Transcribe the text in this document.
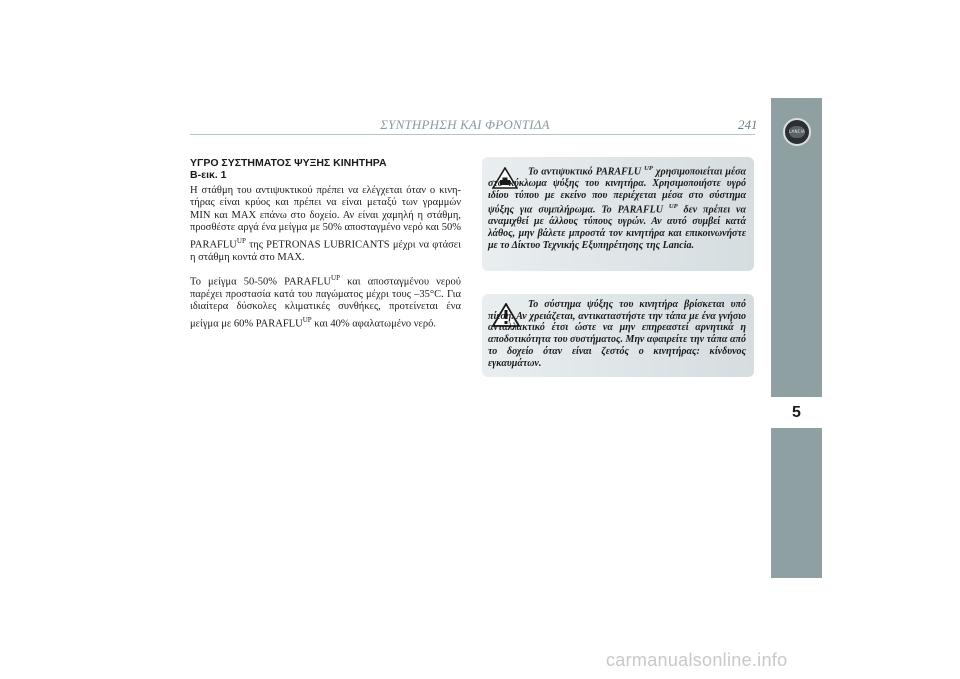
ΣΥΝΤΗΡΗΣΗ ΚΑΙ ΦΡΟΝΤΙΔΑ	241	LANCIA
5

ΥΓΡΟ ΣΥΣΤΗΜΑΤΟΣ ΨΥΞΗΣ ΚΙΝΗΤΗΡΑ

Β-εικ. 1

Η στάθμη του αντιψυκτικού πρέπει να ελέγχεται όταν ο κινητήρας είναι κρύος και πρέπει να είναι μεταξύ των γραμμών MIN και MAX επάνω στο δοχείο. Αν είναι χαμηλή η στάθμη, προσθέστε αργά ένα μείγμα με 50% αποσταγμένο νερό και 50% $PARAFLU^{UP}$ της PETRONAS LUBRICANTS μέχρι να φτάσει η στάθμη κοντά στο MAX.

Το μείγμα 50-50% $PARAFLU^{UP}$ και αποσταγμένου νερού παρέχει προστασία κατά του παγώματος μέχρι τους –35°C. Για ιδιαίτερα δύσκολες κλιματικές συνθήκες, προτείνεται ένα μείγμα με 60% $PARAFLU^{UP}$ και 40% αφαλατωμένο νερό.

Το αντιψυκτικό PARAFLU $^{UP}$ χρησιμοποιείται μέσα στο κύκλωμα ψύξης του κινητήρα. Χρησιμοποιήστε υγρό ιδίου τύπου με εκείνο που περιέχεται μέσα στο σύστημα ψύξης για συμπλήρωμα. Το PARAFLU $^{UP}$ δεν πρέπει να αναμιχθεί με άλλους τύπους υγρών. Αν αυτό συμβεί κατά λάθος, μην βάλετε μπροστά τον κινητήρα και επικοινωνήστε με το Δίκτυο Τεχνικής Εξυπηρέτησης της Lancia.
Το σύστημα ψύξης του κινητήρα βρίσκεται υπό πίεση. Αν χρειάζεται, αντικαταστήστε την τάπα με ένα γνήσιο ανταλλακτικό έτσι ώστε να μην επηρεαστεί αρνητικά η αποδοτικότητα του συστήματος. Μην αφαιρείτε την τάπα από το δοχείο όταν είναι ζεστός ο κινητήρας: κίνδυνος εγκαυμάτων.
carmanualsonline.info
